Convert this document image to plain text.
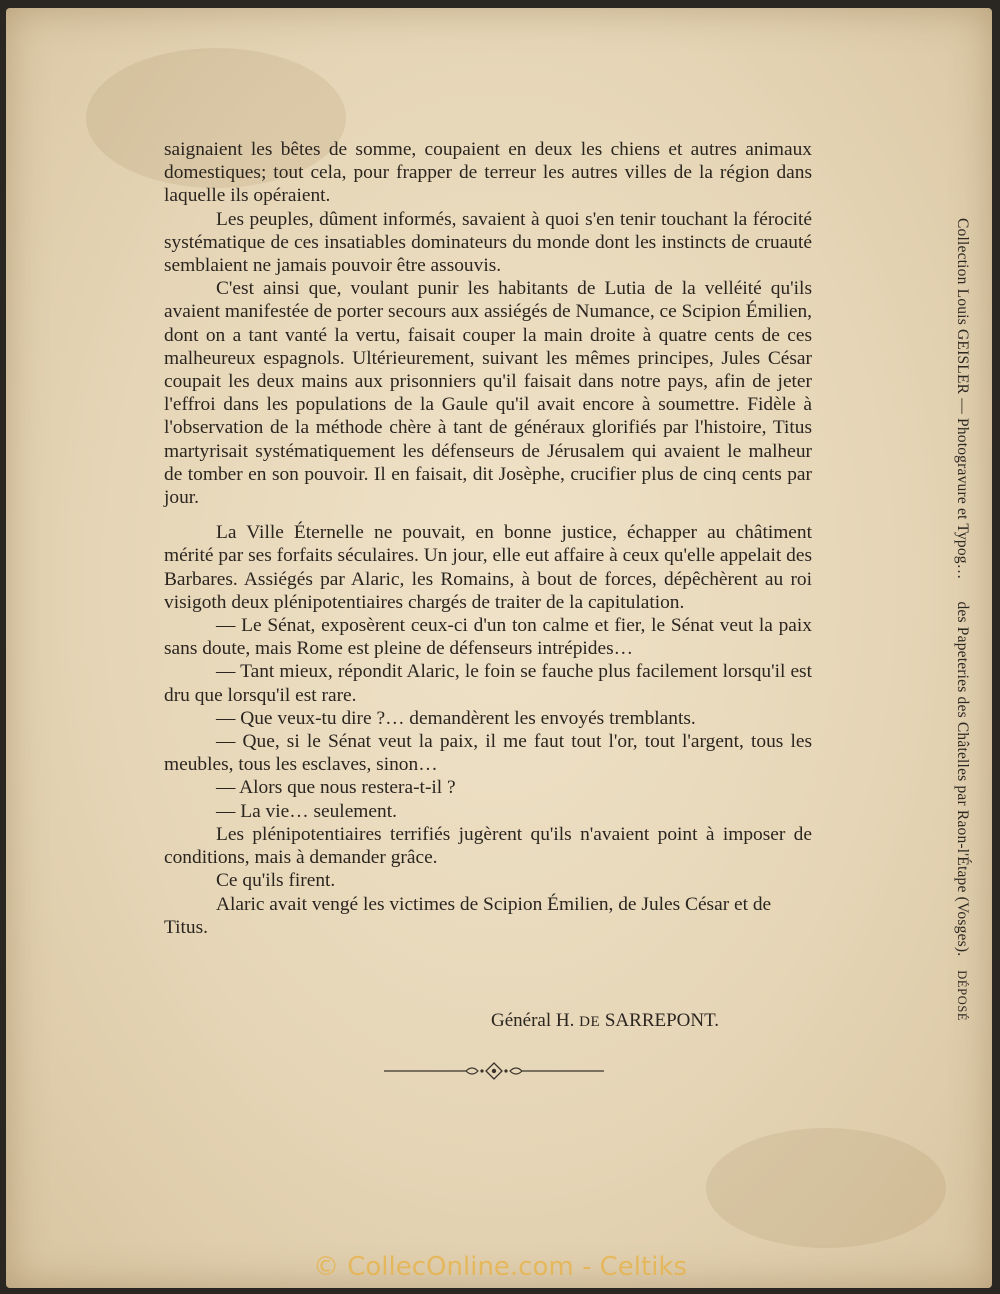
saignaient les bêtes de somme, coupaient en deux les chiens et autres animaux domestiques; tout cela, pour frapper de terreur les autres villes de la région dans laquelle ils opéraient.

Les peuples, dûment informés, savaient à quoi s'en tenir touchant la férocité systématique de ces insatiables dominateurs du monde dont les instincts de cruauté semblaient ne jamais pouvoir être assouvis.

C'est ainsi que, voulant punir les habitants de Lutia de la velléité qu'ils avaient manifestée de porter secours aux assiégés de Numance, ce Scipion Émilien, dont on a tant vanté la vertu, faisait couper la main droite à quatre cents de ces malheureux espagnols. Ultérieurement, suivant les mêmes principes, Jules César coupait les deux mains aux prisonniers qu'il faisait dans notre pays, afin de jeter l'effroi dans les populations de la Gaule qu'il avait encore à soumettre. Fidèle à l'observation de la méthode chère à tant de généraux glorifiés par l'histoire, Titus martyrisait systématiquement les défenseurs de Jérusalem qui avaient le malheur de tomber en son pouvoir. Il en faisait, dit Josèphe, crucifier plus de cinq cents par jour.

La Ville Éternelle ne pouvait, en bonne justice, échapper au châtiment mérité par ses forfaits séculaires. Un jour, elle eut affaire à ceux qu'elle appelait des Barbares. Assiégés par Alaric, les Romains, à bout de forces, dépêchèrent au roi visigoth deux plénipotentiaires chargés de traiter de la capitulation.

— Le Sénat, exposèrent ceux-ci d'un ton calme et fier, le Sénat veut la paix sans doute, mais Rome est pleine de défenseurs intrépides…

— Tant mieux, répondit Alaric, le foin se fauche plus facilement lorsqu'il est dru que lorsqu'il est rare.

— Que veux-tu dire ?… demandèrent les envoyés tremblants.

— Que, si le Sénat veut la paix, il me faut tout l'or, tout l'argent, tous les meubles, tous les esclaves, sinon…

— Alors que nous restera-t-il ?

— La vie… seulement.

Les plénipotentiaires terrifiés jugèrent qu'ils n'avaient point à imposer de conditions, mais à demander grâce.

Ce qu'ils firent.

Alaric avait vengé les victimes de Scipion Émilien, de Jules César et de Titus.

Général H. DE SARREPONT.
Collection Louis GEISLER — Photogravure et Typog…des Papeteries des Châtelles par Raon-l'Étape (Vosges).DÉPOSÉ
© CollecOnline.com - Celtiks
